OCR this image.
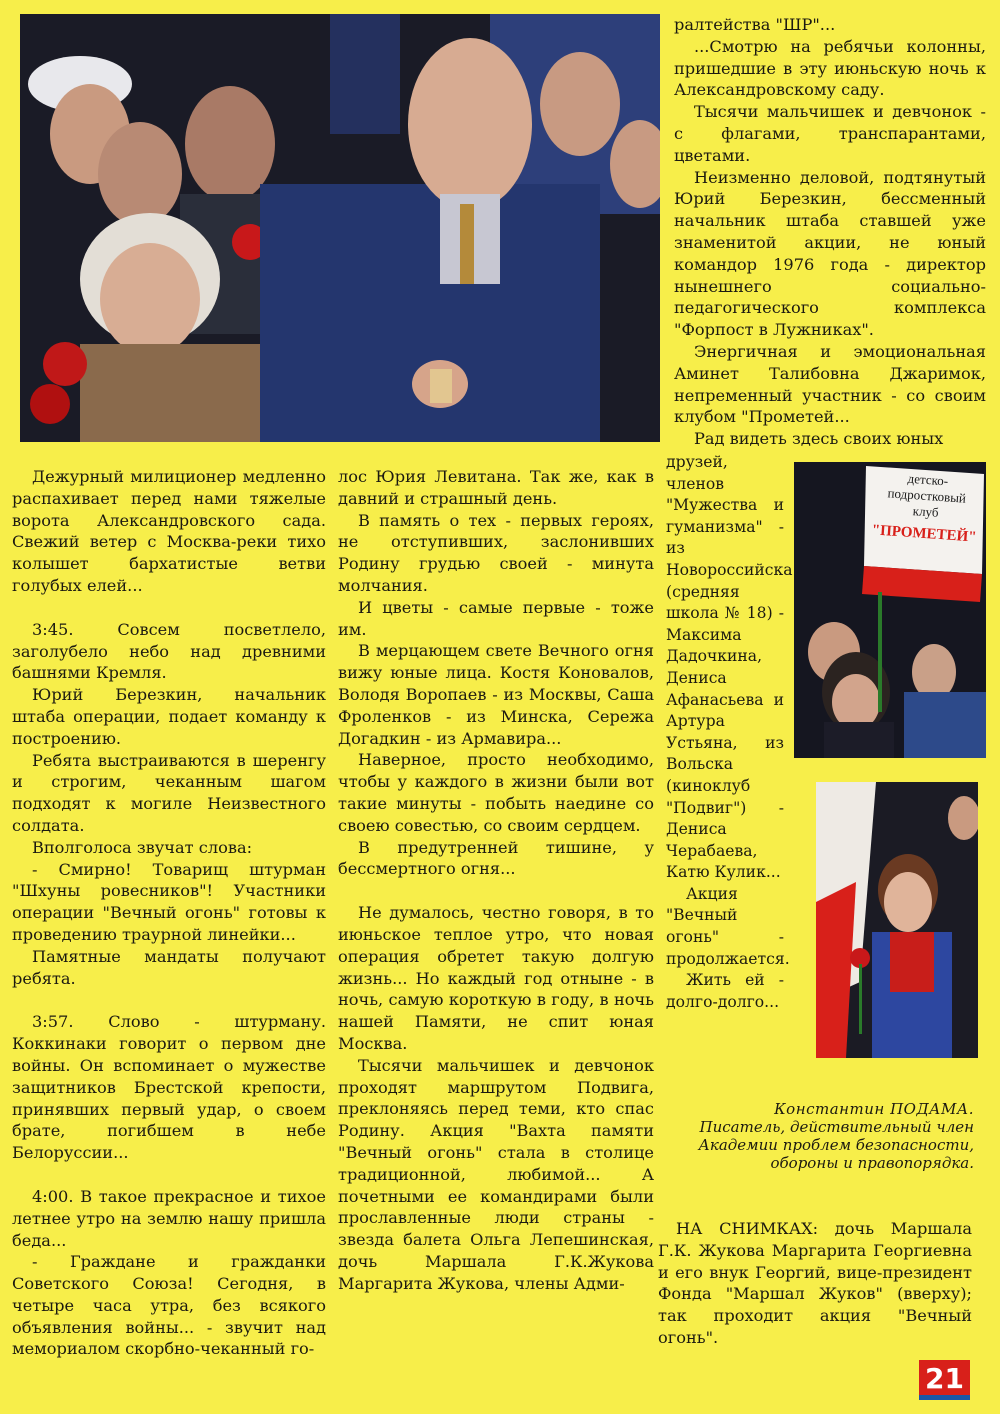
Дежурный милиционер медленно распахивает перед нами тяжелые ворота Александровского сада. Свежий ветер с Москва-реки тихо колышет бархатистые ветви голубых елей...

3:45. Совсем посветлело, заголубело небо над древними башнями Кремля.

Юрий Березкин, начальник штаба операции, подает команду к построению.

Ребята выстраиваются в шеренгу и строгим, чеканным шагом подходят к могиле Неизвестного солдата.

Вполголоса звучат слова:

- Смирно! Товарищ штурман "Шхуны ровесников"! Участники операции "Вечный огонь" готовы к проведению траурной линейки...

Памятные мандаты получают ребята.

3:57. Слово - штурману. Коккинаки говорит о первом дне войны. Он вспоминает о мужестве защитников Брестской крепости, принявших первый удар, о своем брате, погибшем в небе Белоруссии...

4:00. В такое прекрасное и тихое летнее утро на землю нашу пришла беда...

- Граждане и гражданки Советского Союза! Сегодня, в четыре часа утра, без всякого объявления войны... - звучит над мемориалом скорбно-чеканный го-

лос Юрия Левитана. Так же, как в давний и страшный день.

В память о тех - первых героях, не отступивших, заслонивших Родину грудью своей - минута молчания.

И цветы - самые первые - тоже им.

В мерцающем свете Вечного огня вижу юные лица. Костя Коновалов, Володя Воропаев - из Москвы, Саша Фроленков - из Минска, Сережа Догадкин - из Армавира...

Наверное, просто необходимо, чтобы у каждого в жизни были вот такие минуты - побыть наедине со своею совестью, со своим сердцем.

В предутренней тишине, у бессмертного огня...

Не думалось, честно говоря, в то июньское теплое утро, что новая операция обретет такую долгую жизнь... Но каждый год отныне - в ночь, самую короткую в году, в ночь нашей Памяти, не спит юная Москва.

Тысячи мальчишек и девчонок проходят маршрутом Подвига, преклоняясь перед теми, кто спас Родину. Акция "Вахта памяти "Вечный огонь" стала в столице традиционной, любимой... А почетными ее командирами были прославленные люди страны - звезда балета Ольга Лепешинская, дочь Маршала Г.К.Жукова Маргарита Жукова, члены Адми-

ралтейства "ШР"...

...Смотрю на ребячьи колонны, пришедшие в эту июньскую ночь к Александровскому саду.

Тысячи мальчишек и девчонок - с флагами, транспарантами, цветами.

Неизменно деловой, подтянутый Юрий Березкин, бессменный начальник штаба ставшей уже знаменитой акции, не юный командор 1976 года - директор нынешнего социально-педагогического комплекса "Форпост в Лужниках".

Энергичная и эмоциональная Аминет Талибовна Джаримок, непременный участник - со своим клубом "Прометей...

Рад видеть здесь своих юных

друзей, членов "Мужества и гуманизма" - из Новороссийска (средняя школа № 18) - Максима Дадочкина, Дениса Афанасьева и Артура Устьяна, из Вольска (киноклуб "Подвиг") - Дениса Черабаева, Катю Кулик...

Акция "Вечный огонь" - продолжается.

Жить ей - долго-долго...

детско-
подростковый
клуб
"ПРОМЕТЕЙ"
Константин ПОДАМА.
Писатель, действительный член
Академии проблем безопасности,
обороны и правопорядка.

НА СНИМКАХ: дочь Маршала Г.К. Жукова Маргарита Георгиевна и его внук Георгий, вице-президент Фонда "Маршал Жуков" (вверху); так проходит акция "Вечный огонь".

21
